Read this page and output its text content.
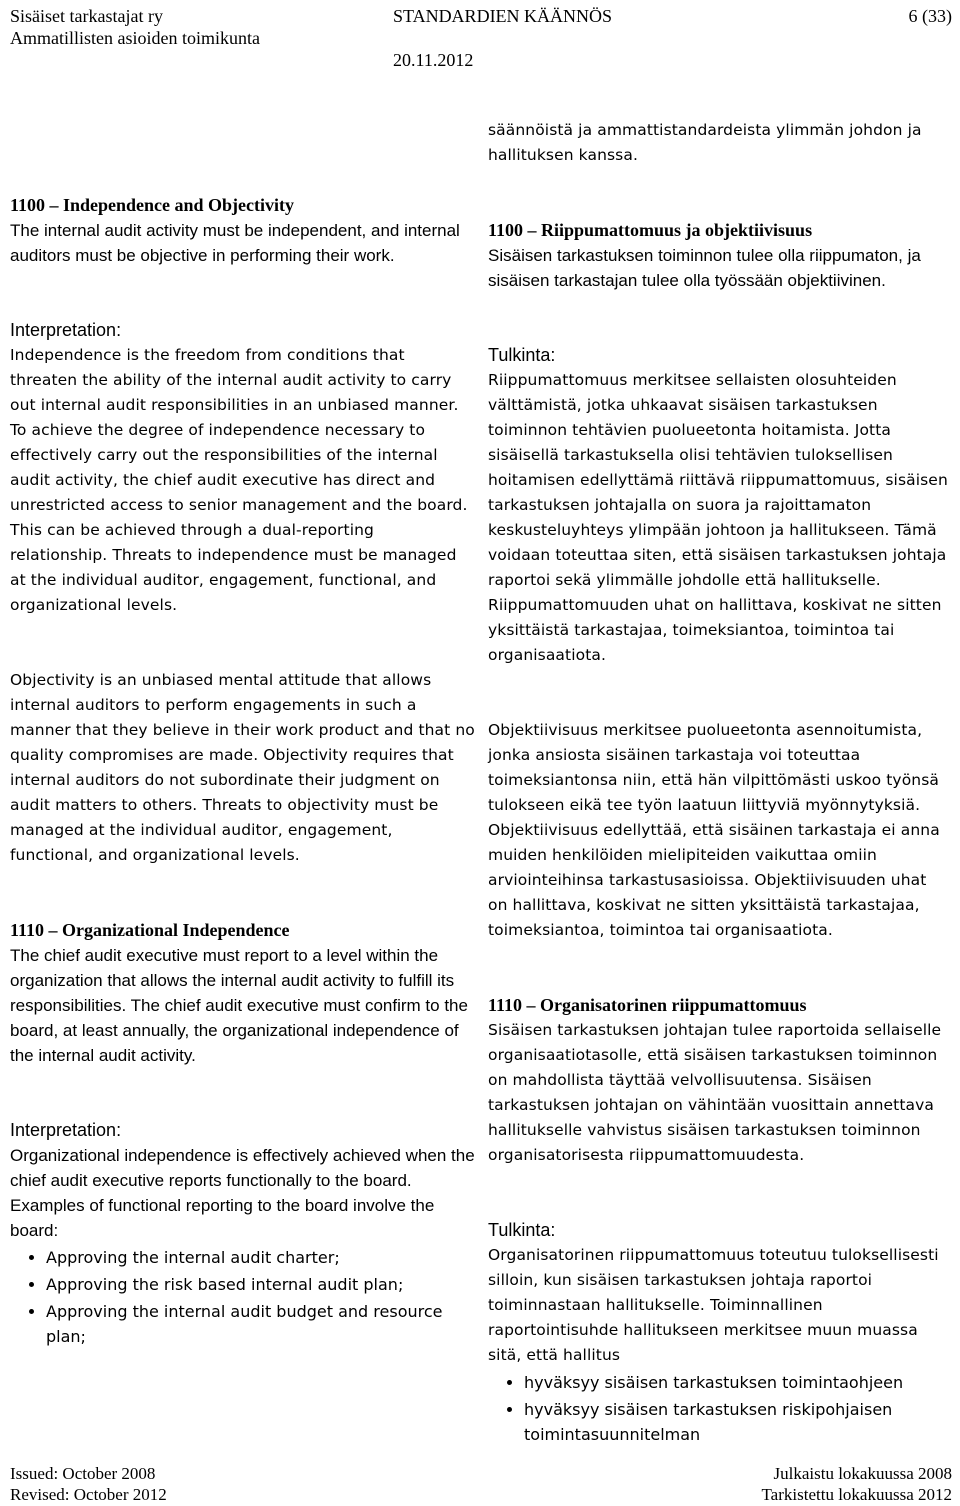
Sisäiset tarkastajat ry
Ammatillisten asioiden toimikunta
STANDARDIEN KÄÄNNÖS
20.11.2012
6 (33)

1100 – Independence and Objectivity

The internal audit activity must be independent, and internal auditors must be objective in performing their work.

Interpretation:

Independence is the freedom from conditions that threaten the ability of the internal audit activity to carry out internal audit responsibilities in an unbiased manner. To achieve the degree of independence necessary to effectively carry out the responsibilities of the internal audit activity, the chief audit executive has direct and unrestricted access to senior management and the board. This can be achieved through a dual-reporting relationship. Threats to independence must be managed at the individual auditor, engagement, functional, and organizational levels.

Objectivity is an unbiased mental attitude that allows internal auditors to perform engagements in such a manner that they believe in their work product and that no quality compromises are made. Objectivity requires that internal auditors do not subordinate their judgment on audit matters to others. Threats to objectivity must be managed at the individual auditor, engagement, functional, and organizational levels.

1110 – Organizational Independence

The chief audit executive must report to a level within the organization that allows the internal audit activity to fulfill its responsibilities. The chief audit executive must confirm to the board, at least annually, the organizational independence of the internal audit activity.

Interpretation:

Organizational independence is effectively achieved when the chief audit executive reports functionally to the board. Examples of functional reporting to the board involve the board:

• Approving the internal audit charter;
• Approving the risk based internal audit plan;
• Approving the internal audit budget and resource plan;

säännöistä ja ammattistandardeista ylimmän johdon ja hallituksen kanssa.

1100 – Riippumattomuus ja objektiivisuus

Sisäisen tarkastuksen toiminnon tulee olla riippumaton, ja sisäisen tarkastajan tulee olla työssään objektiivinen.

Tulkinta:

Riippumattomuus merkitsee sellaisten olosuhteiden välttämistä, jotka uhkaavat sisäisen tarkastuksen toiminnon tehtävien puolueetonta hoitamista. Jotta sisäisellä tarkastuksella olisi tehtävien tuloksellisen hoitamisen edellyttämä riittävä riippumattomuus, sisäisen tarkastuksen johtajalla on suora ja rajoittamaton keskusteluyhteys ylimpään johtoon ja hallitukseen. Tämä voidaan toteuttaa siten, että sisäisen tarkastuksen johtaja raportoi sekä ylimmälle johdolle että hallitukselle. Riippumattomuuden uhat on hallittava, koskivat ne sitten yksittäistä tarkastajaa, toimeksiantoa, toimintoa tai organisaatiota.

Objektiivisuus merkitsee puolueetonta asennoitumista, jonka ansiosta sisäinen tarkastaja voi toteuttaa toimeksiantonsa niin, että hän vilpittömästi uskoo työnsä tulokseen eikä tee työn laatuun liittyviä myönnytyksiä. Objektiivisuus edellyttää, että sisäinen tarkastaja ei anna muiden henkilöiden mielipiteiden vaikuttaa omiin arviointeihinsa tarkastusasioissa. Objektiivisuuden uhat on hallittava, koskivat ne sitten yksittäistä tarkastajaa, toimeksiantoa, toimintoa tai organisaatiota.

1110 – Organisatorinen riippumattomuus

Sisäisen tarkastuksen johtajan tulee raportoida sellaiselle organisaatiotasolle, että sisäisen tarkastuksen toiminnon on mahdollista täyttää velvollisuutensa. Sisäisen tarkastuksen johtajan on vähintään vuosittain annettava hallitukselle vahvistus sisäisen tarkastuksen toiminnon organisatorisesta riippumattomuudesta.

Tulkinta:

Organisatorinen riippumattomuus toteutuu tuloksellisesti silloin, kun sisäisen tarkastuksen johtaja raportoi toiminnastaan hallitukselle. Toiminnallinen raportointisuhde hallitukseen merkitsee muun muassa sitä, että hallitus

• hyväksyy sisäisen tarkastuksen toimintaohjeen
• hyväksyy sisäisen tarkastuksen riskipohjaisen toimintasuunnitelman
Issued: October 2008
Revised: October 2012
Julkaistu lokakuussa 2008
Tarkistettu lokakuussa 2012
